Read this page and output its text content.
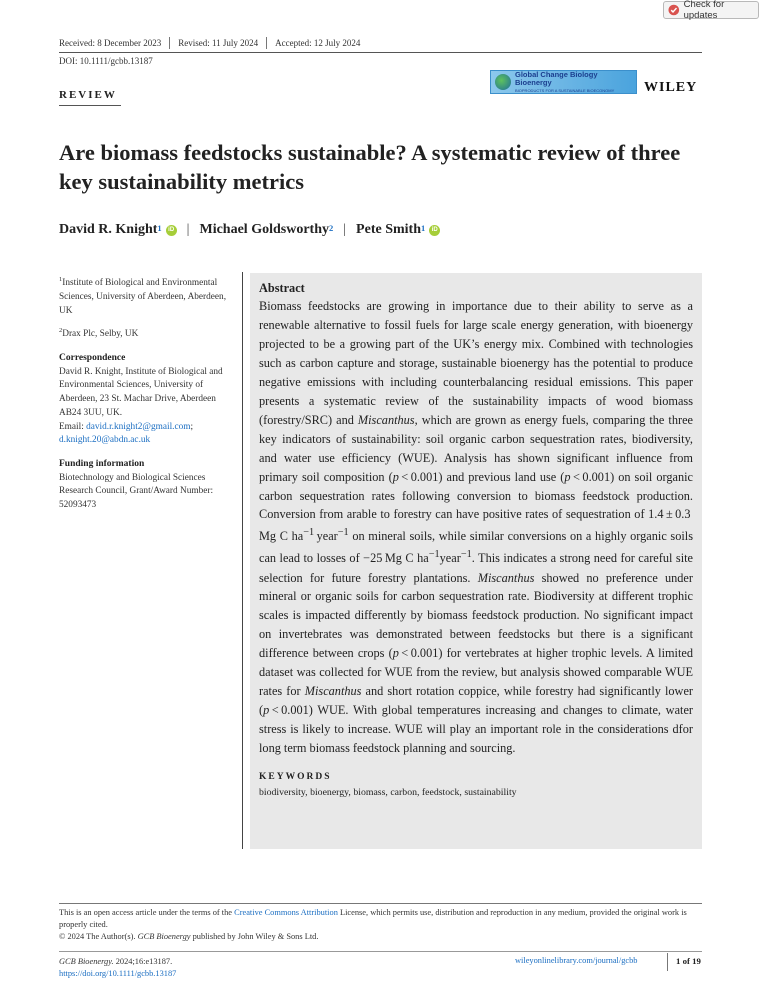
Check for updates
Received: 8 December 2023 Revised: 11 July 2024 Accepted: 12 July 2024
DOI: 10.1111/gcbb.13187
Global Change Biology Bioenergy
BIOPRODUCTS FOR A SUSTAINABLE BIOECONOMY	WILEY
REVIEW
Are biomass feedstocks sustainable? A systematic review of three key sustainability metrics
David R. Knight$^1$	iD | Michael Goldsworthy$^2$ | Pete Smith$^1$	iD

$^1$Institute of Biological and Environmental Sciences, University of Aberdeen, Aberdeen, UK

$^2$Drax Plc, Selby, UK

Correspondence
David R. Knight, Institute of Biological and Environmental Sciences, University of Aberdeen, 23 St. Machar Drive, Aberdeen AB24 3UU, UK.
Email: david.r.knight2@gmail.com; d.knight.20@abdn.ac.uk
Funding information
Biotechnology and Biological Sciences Research Council, Grant/Award Number: 52093473
Abstract

Biomass feedstocks are growing in importance due to their ability to serve as a renewable alternative to fossil fuels for large scale energy generation, with bioenergy projected to be a growing part of the UK’s energy mix. Combined with technologies such as carbon capture and storage, sustainable bioenergy has the potential to produce negative emissions with including counterbalancing residual emissions. This paper presents a systematic review of the sustainability impacts of wood biomass (forestry/SRC) and Miscanthus, which are grown as energy fuels, comparing the three key indicators of sustainability: soil organic carbon sequestration rates, biodiversity, and water use efficiency (WUE). Analysis has shown significant influence from primary soil composition (p < 0.001) and previous land use (p < 0.001) on soil organic carbon sequestration rates following conversion to biomass feedstock production. Conversion from arable to forestry can have positive rates of sequestration of 1.4 ± 0.3 Mg C $ha^{-1}$ year$^{-1}$ on mineral soils, while similar conversions on a highly organic soils can lead to losses of −25 Mg C $ha^{-1}year^{-1}$. This indicates a strong need for careful site selection for future forestry plantations. Miscanthus showed no preference under mineral or organic soils for carbon sequestration rate. Biodiversity at different trophic scales is impacted differently by biomass feedstock production. No significant impact on invertebrates was demonstrated between feedstocks but there is a significant difference between crops (p < 0.001) for vertebrates at higher trophic levels. A limited dataset was collected for WUE from the review, but analysis showed comparable WUE rates for Miscanthus and short rotation coppice, while forestry had significantly lower (p < 0.001) WUE. With global temperatures increasing and changes to climate, water stress is likely to increase. WUE will play an important role in the considerations dfor long term biomass feedstock planning and sourcing.

KEYWORDS
biodiversity, bioenergy, biomass, carbon, feedstock, sustainability
This is an open access article under the terms of the Creative Commons Attribution License, which permits use, distribution and reproduction in any medium, provided the original work is properly cited.
© 2024 The Author(s). GCB Bioenergy published by John Wiley & Sons Ltd.
GCB Bioenergy. 2024;16:e13187.
https://doi.org/10.1111/gcbb.13187
wileyonlinelibrary.com/journal/gcbb	1 of 19
